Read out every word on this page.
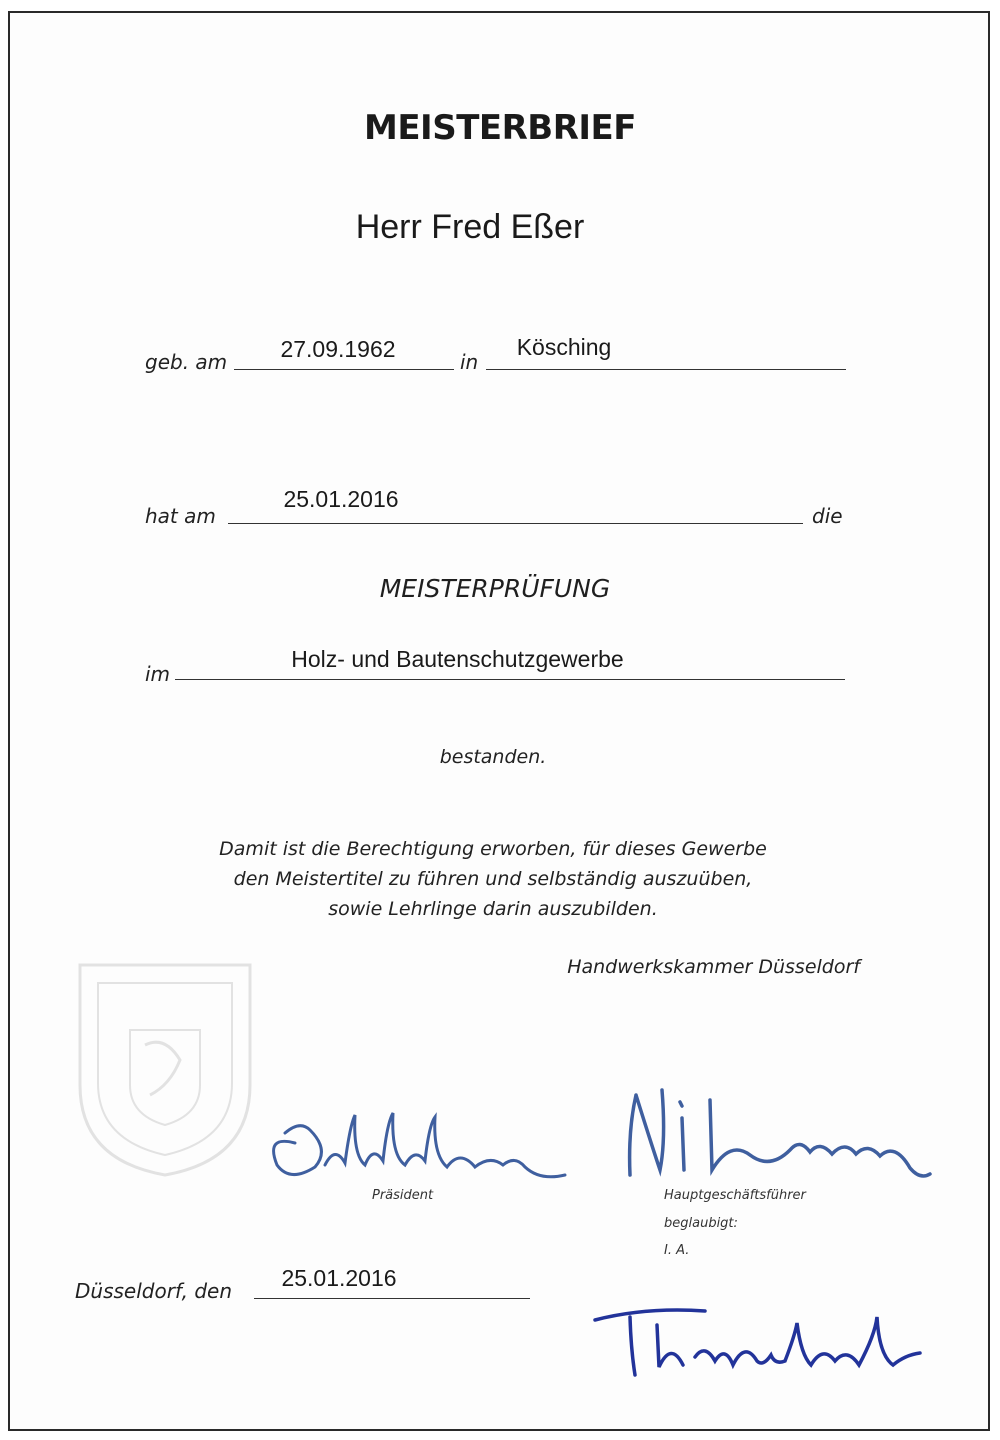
MEISTERBRIEF
Herr Fred Eßer
geb. am	27.09.1962	in
Kösching
hat am
25.01.2016
die
MEISTERPRÜFUNG
im
Holz- und Bautenschutzgewerbe
bestanden.
Damit ist die Berechtigung erworben, für dieses Gewerbe
den Meistertitel zu führen und selbständig auszuüben,
sowie Lehrlinge darin auszubilden.
Handwerkskammer Düsseldorf
Präsident	Hauptgeschäftsführer
beglaubigt:
I. A.
Düsseldorf, den	25.01.2016
